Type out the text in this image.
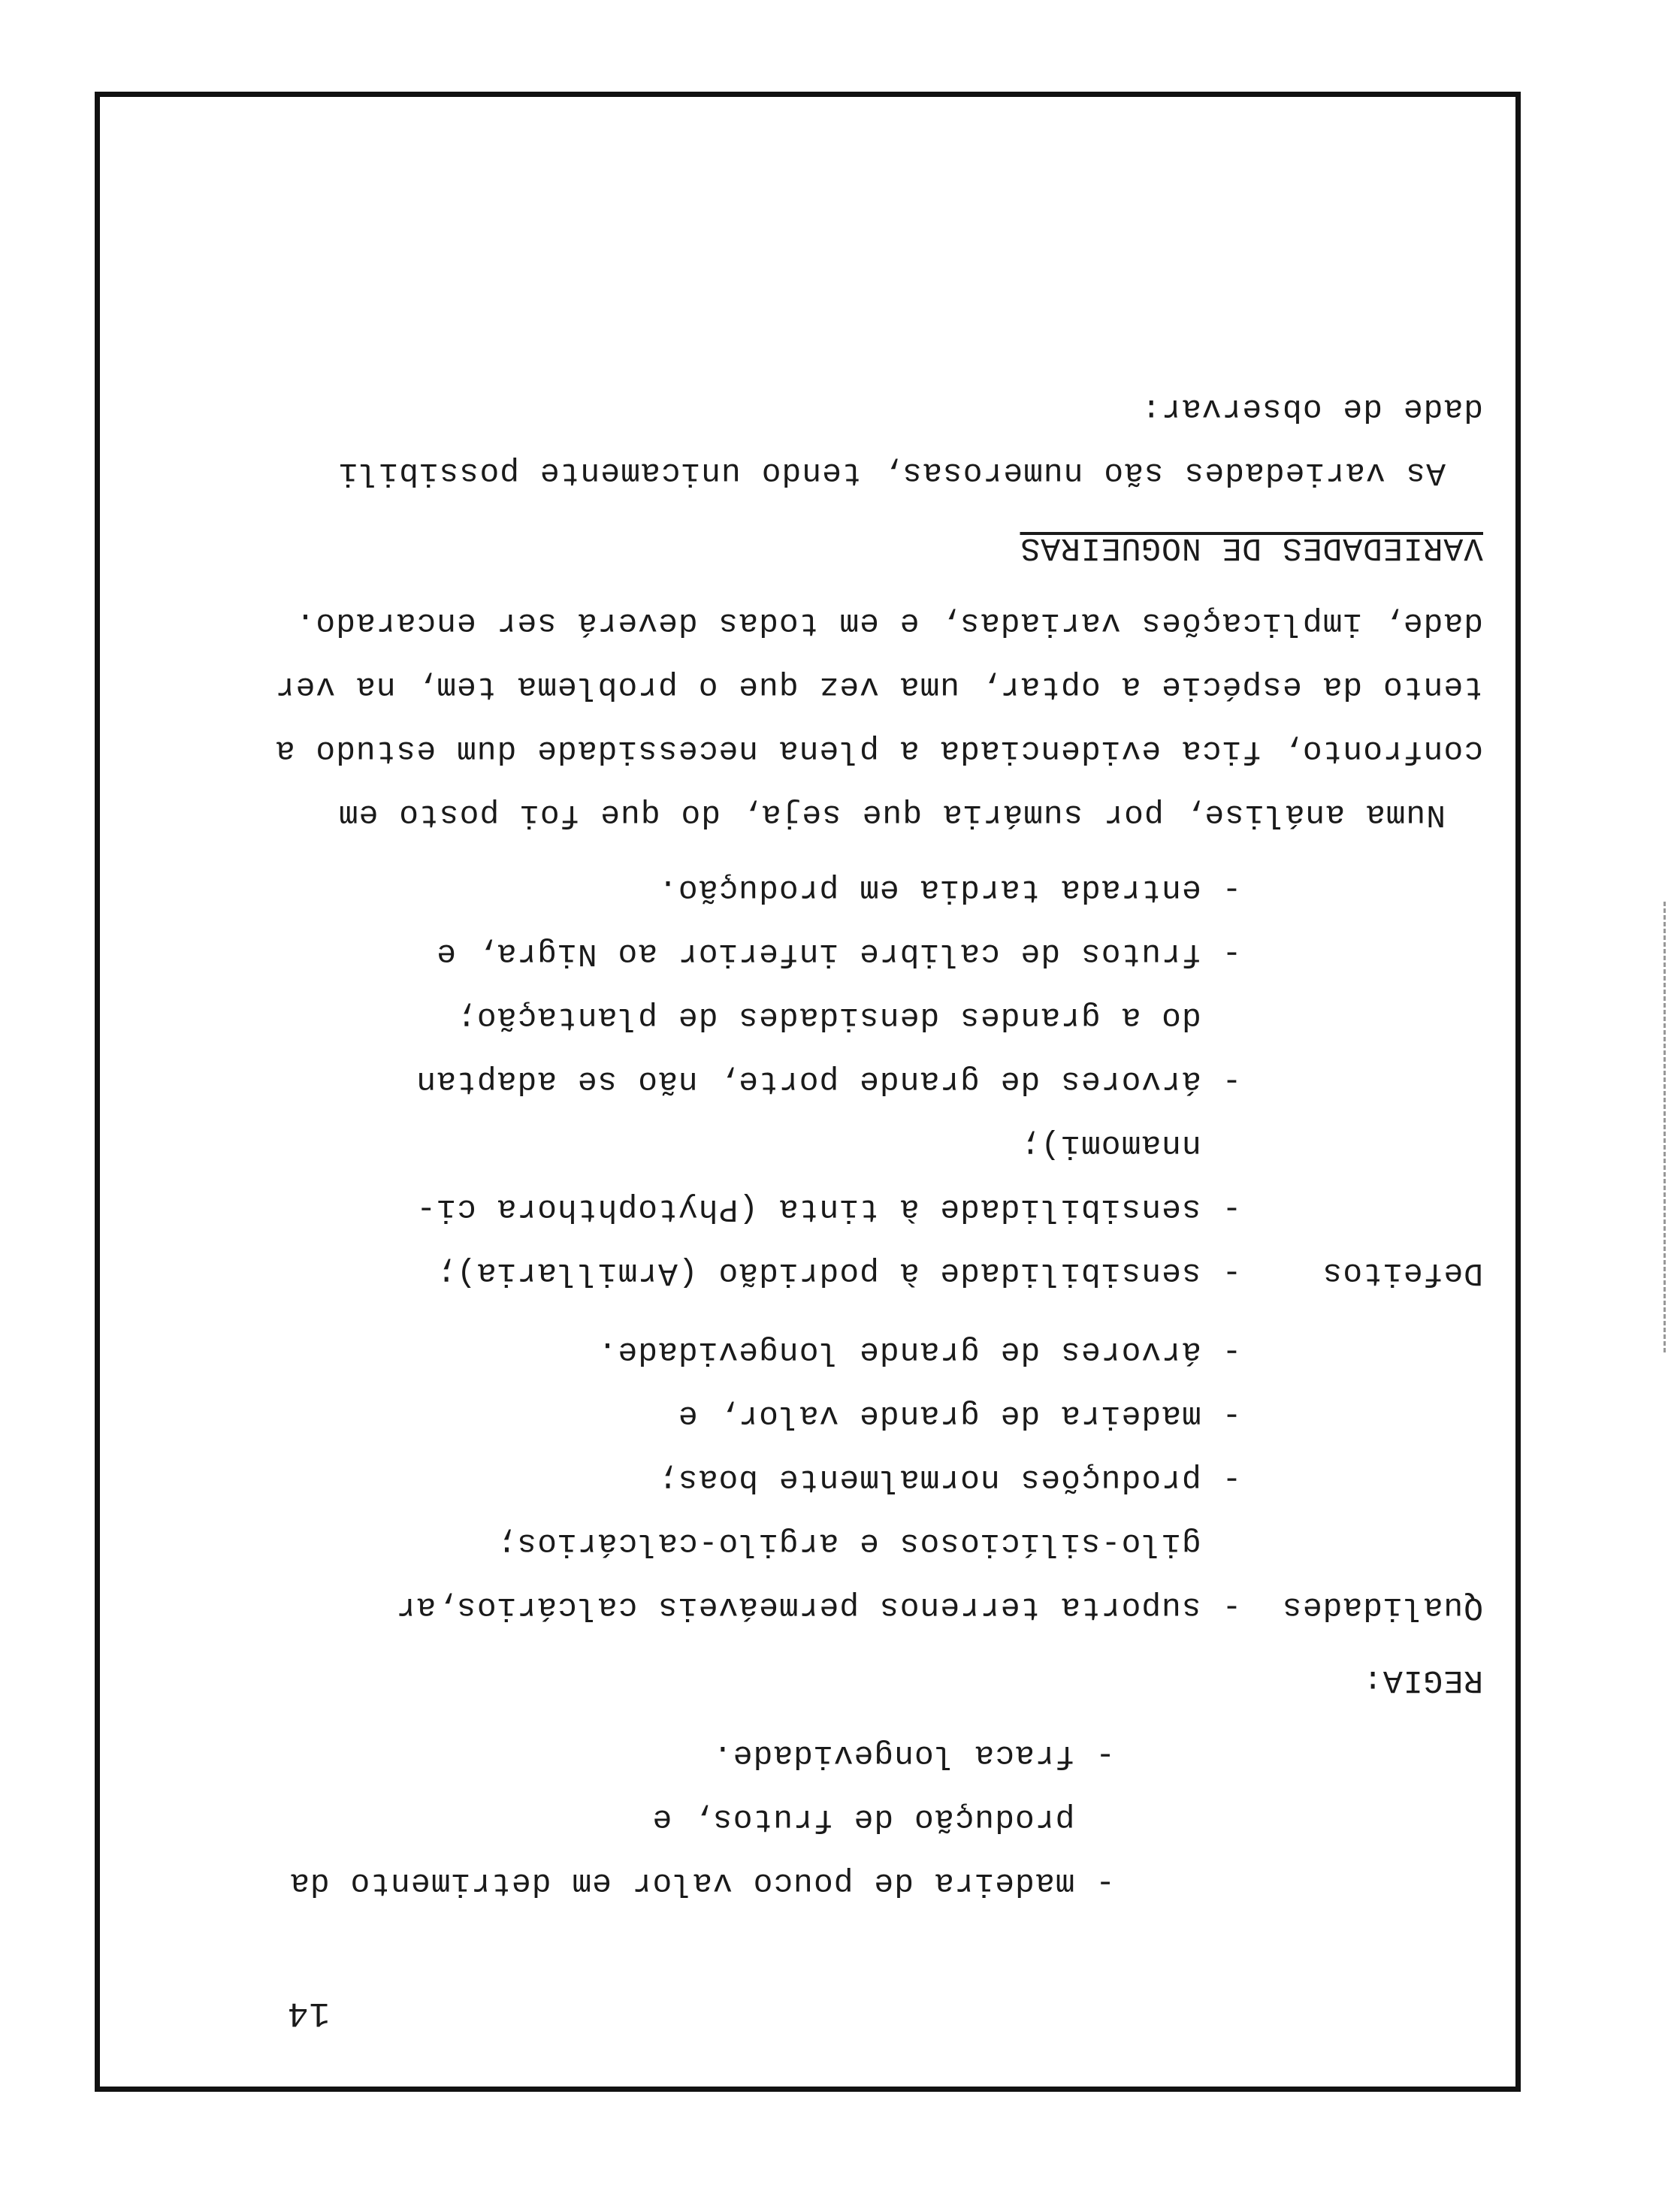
14
- madeira de pouco valor em detrimento da
produção de frutos, e
- fraca longevidade.
REGIA:
Qualidades  - suporta terrenos permeáveis calcários,ar
gilo-silíciosos e argilo-calcários;
- produções normalmente boas;
- madeira de grande valor, e
- árvores de grande longevidade.
Defeitos    - sensibilidade à podridão (Armillaria);
- sensibilidade à tinta (Phytophthora ci-
nnamomi);
- árvores de grande porte, não se adaptan
do a grandes densidades de plantação;
- frutos de calibre inferior ao Nigra, e
- entrada tardia em produção.
Numa análise, por sumária que seja, do que foi posto em
confronto, fica evidenciada a plena necessidade dum estudo a
tento da espécie a optar, uma vez que o problema tem, na ver
dade, implicações variadas, e em todas deverá ser encarado.
VARIEDADES DE NOGUEIRAS
As variedades são numerosas, tendo unicamente possibili
dade de observar:
